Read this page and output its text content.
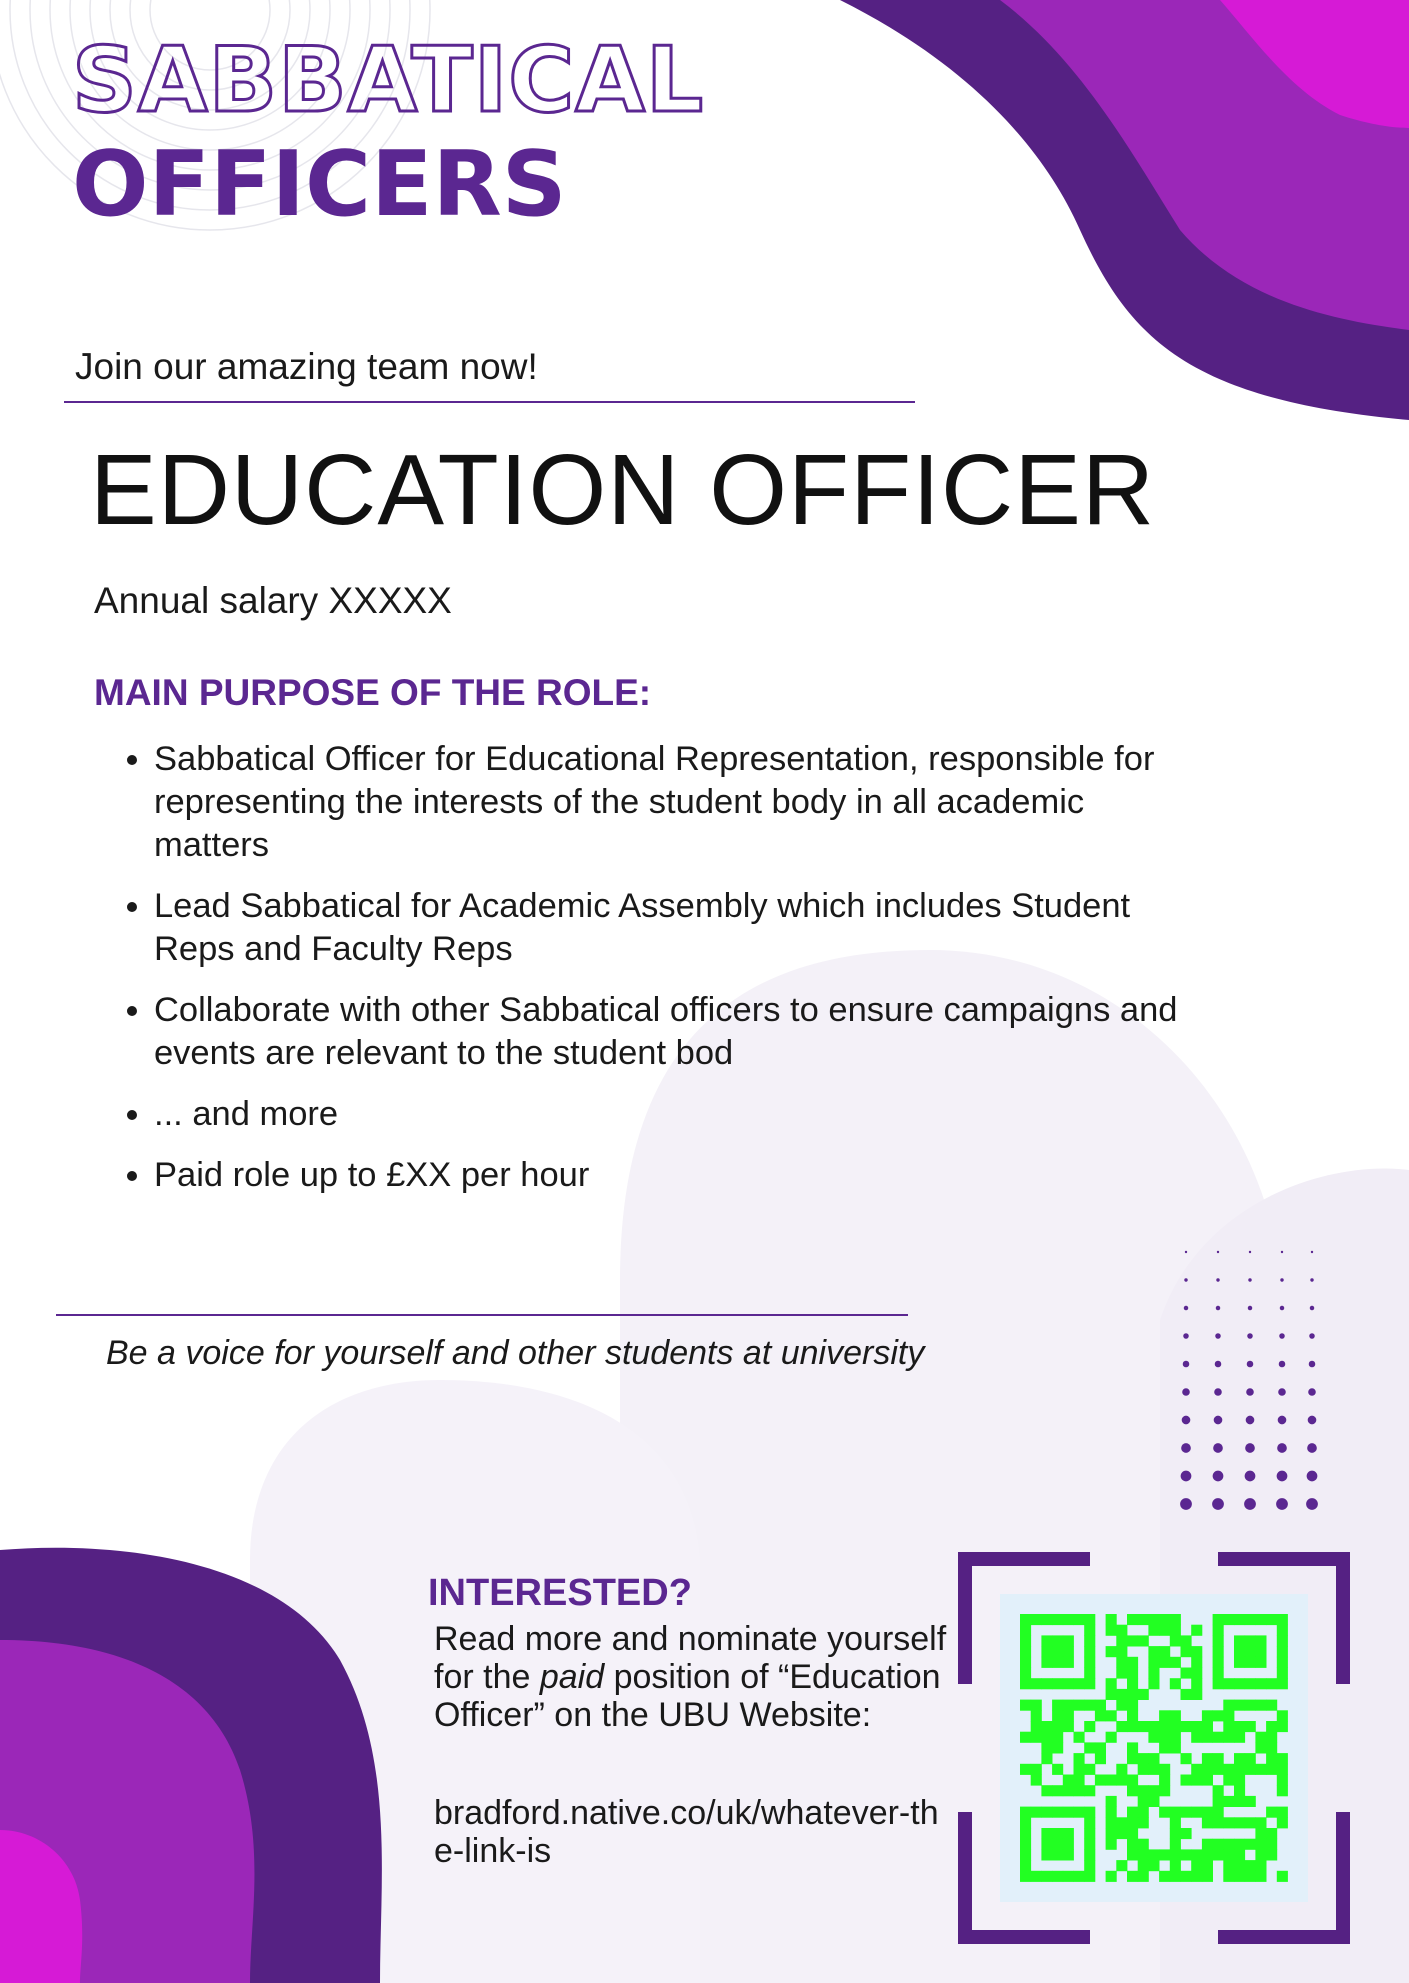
SABBATICAL
OFFICERS
Join our amazing team now!
EDUCATION OFFICER
Annual salary XXXXX
MAIN PURPOSE OF THE ROLE:
• Sabbatical Officer for Educational Representation, responsible for representing the interests of the student body in all academic matters
• Lead Sabbatical for Academic Assembly which includes Student Reps and Faculty Reps
• Collaborate with other Sabbatical officers to ensure campaigns and events are relevant to the student bod
• ... and more
• Paid role up to £XX per hour
Be a voice for yourself and other students at university
INTERESTED?
Read more and nominate yourself for the paid position of “Education Officer” on the UBU Website:
bradford.native.co/uk/whatever-the-link-is
